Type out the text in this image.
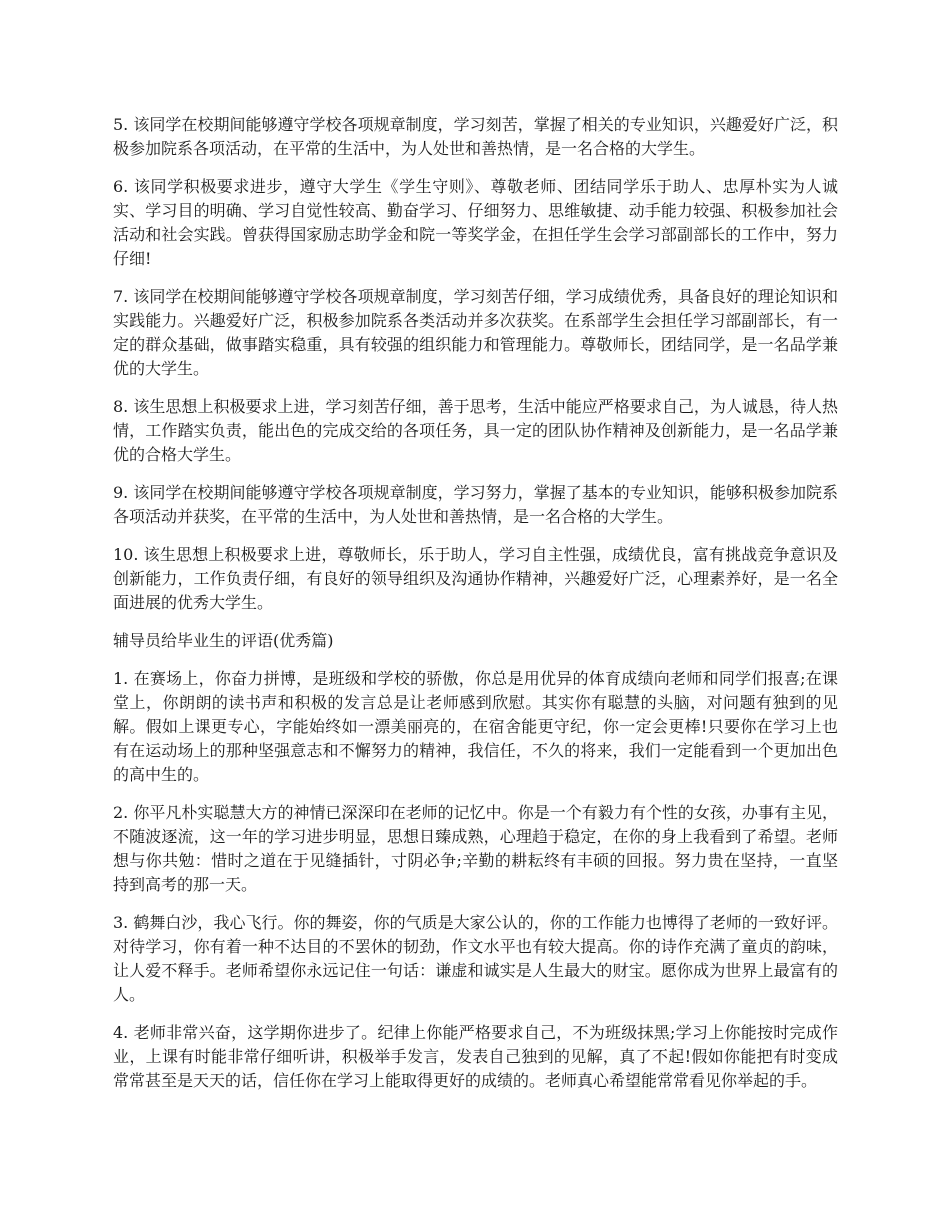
5. 该同学在校期间能够遵守学校各项规章制度，学习刻苦，掌握了相关的专业知识，兴趣爱好广泛，积极参加院系各项活动，在平常的生活中，为人处世和善热情，是一名合格的大学生。

6. 该同学积极要求进步，遵守大学生《学生守则》、尊敬老师、团结同学乐于助人、忠厚朴实为人诚实、学习目的明确、学习自觉性较高、勤奋学习、仔细努力、思维敏捷、动手能力较强、积极参加社会活动和社会实践。曾获得国家励志助学金和院一等奖学金，在担任学生会学习部副部长的工作中，努力仔细!

7. 该同学在校期间能够遵守学校各项规章制度，学习刻苦仔细，学习成绩优秀，具备良好的理论知识和实践能力。兴趣爱好广泛，积极参加院系各类活动并多次获奖。在系部学生会担任学习部副部长，有一定的群众基础，做事踏实稳重，具有较强的组织能力和管理能力。尊敬师长，团结同学，是一名品学兼优的大学生。

8. 该生思想上积极要求上进，学习刻苦仔细，善于思考，生活中能应严格要求自己，为人诚恳，待人热情，工作踏实负责，能出色的完成交给的各项任务，具一定的团队协作精神及创新能力，是一名品学兼优的合格大学生。

9. 该同学在校期间能够遵守学校各项规章制度，学习努力，掌握了基本的专业知识，能够积极参加院系各项活动并获奖，在平常的生活中，为人处世和善热情，是一名合格的大学生。

10. 该生思想上积极要求上进，尊敬师长，乐于助人，学习自主性强，成绩优良，富有挑战竞争意识及创新能力，工作负责仔细，有良好的领导组织及沟通协作精神，兴趣爱好广泛，心理素养好，是一名全面进展的优秀大学生。

辅导员给毕业生的评语(优秀篇)

1. 在赛场上，你奋力拼博，是班级和学校的骄傲，你总是用优异的体育成绩向老师和同学们报喜;在课堂上，你朗朗的读书声和积极的发言总是让老师感到欣慰。其实你有聪慧的头脑，对问题有独到的见解。假如上课更专心，字能始终如一漂美丽亮的，在宿舍能更守纪，你一定会更棒!只要你在学习上也有在运动场上的那种坚强意志和不懈努力的精神，我信任，不久的将来，我们一定能看到一个更加出色的高中生的。

2. 你平凡朴实聪慧大方的神情已深深印在老师的记忆中。你是一个有毅力有个性的女孩，办事有主见，不随波逐流，这一年的学习进步明显，思想日臻成熟，心理趋于稳定，在你的身上我看到了希望。老师想与你共勉：惜时之道在于见缝插针，寸阴必争;辛勤的耕耘终有丰硕的回报。努力贵在坚持，一直坚持到高考的那一天。

3. 鹤舞白沙，我心飞行。你的舞姿，你的气质是大家公认的，你的工作能力也博得了老师的一致好评。对待学习，你有着一种不达目的不罢休的韧劲，作文水平也有较大提高。你的诗作充满了童贞的韵味，让人爱不释手。老师希望你永远记住一句话：谦虚和诚实是人生最大的财宝。愿你成为世界上最富有的人。

4. 老师非常兴奋，这学期你进步了。纪律上你能严格要求自己，不为班级抹黑;学习上你能按时完成作业，上课有时能非常仔细听讲，积极举手发言，发表自己独到的见解，真了不起!假如你能把有时变成常常甚至是天天的话，信任你在学习上能取得更好的成绩的。老师真心希望能常常看见你举起的手。
